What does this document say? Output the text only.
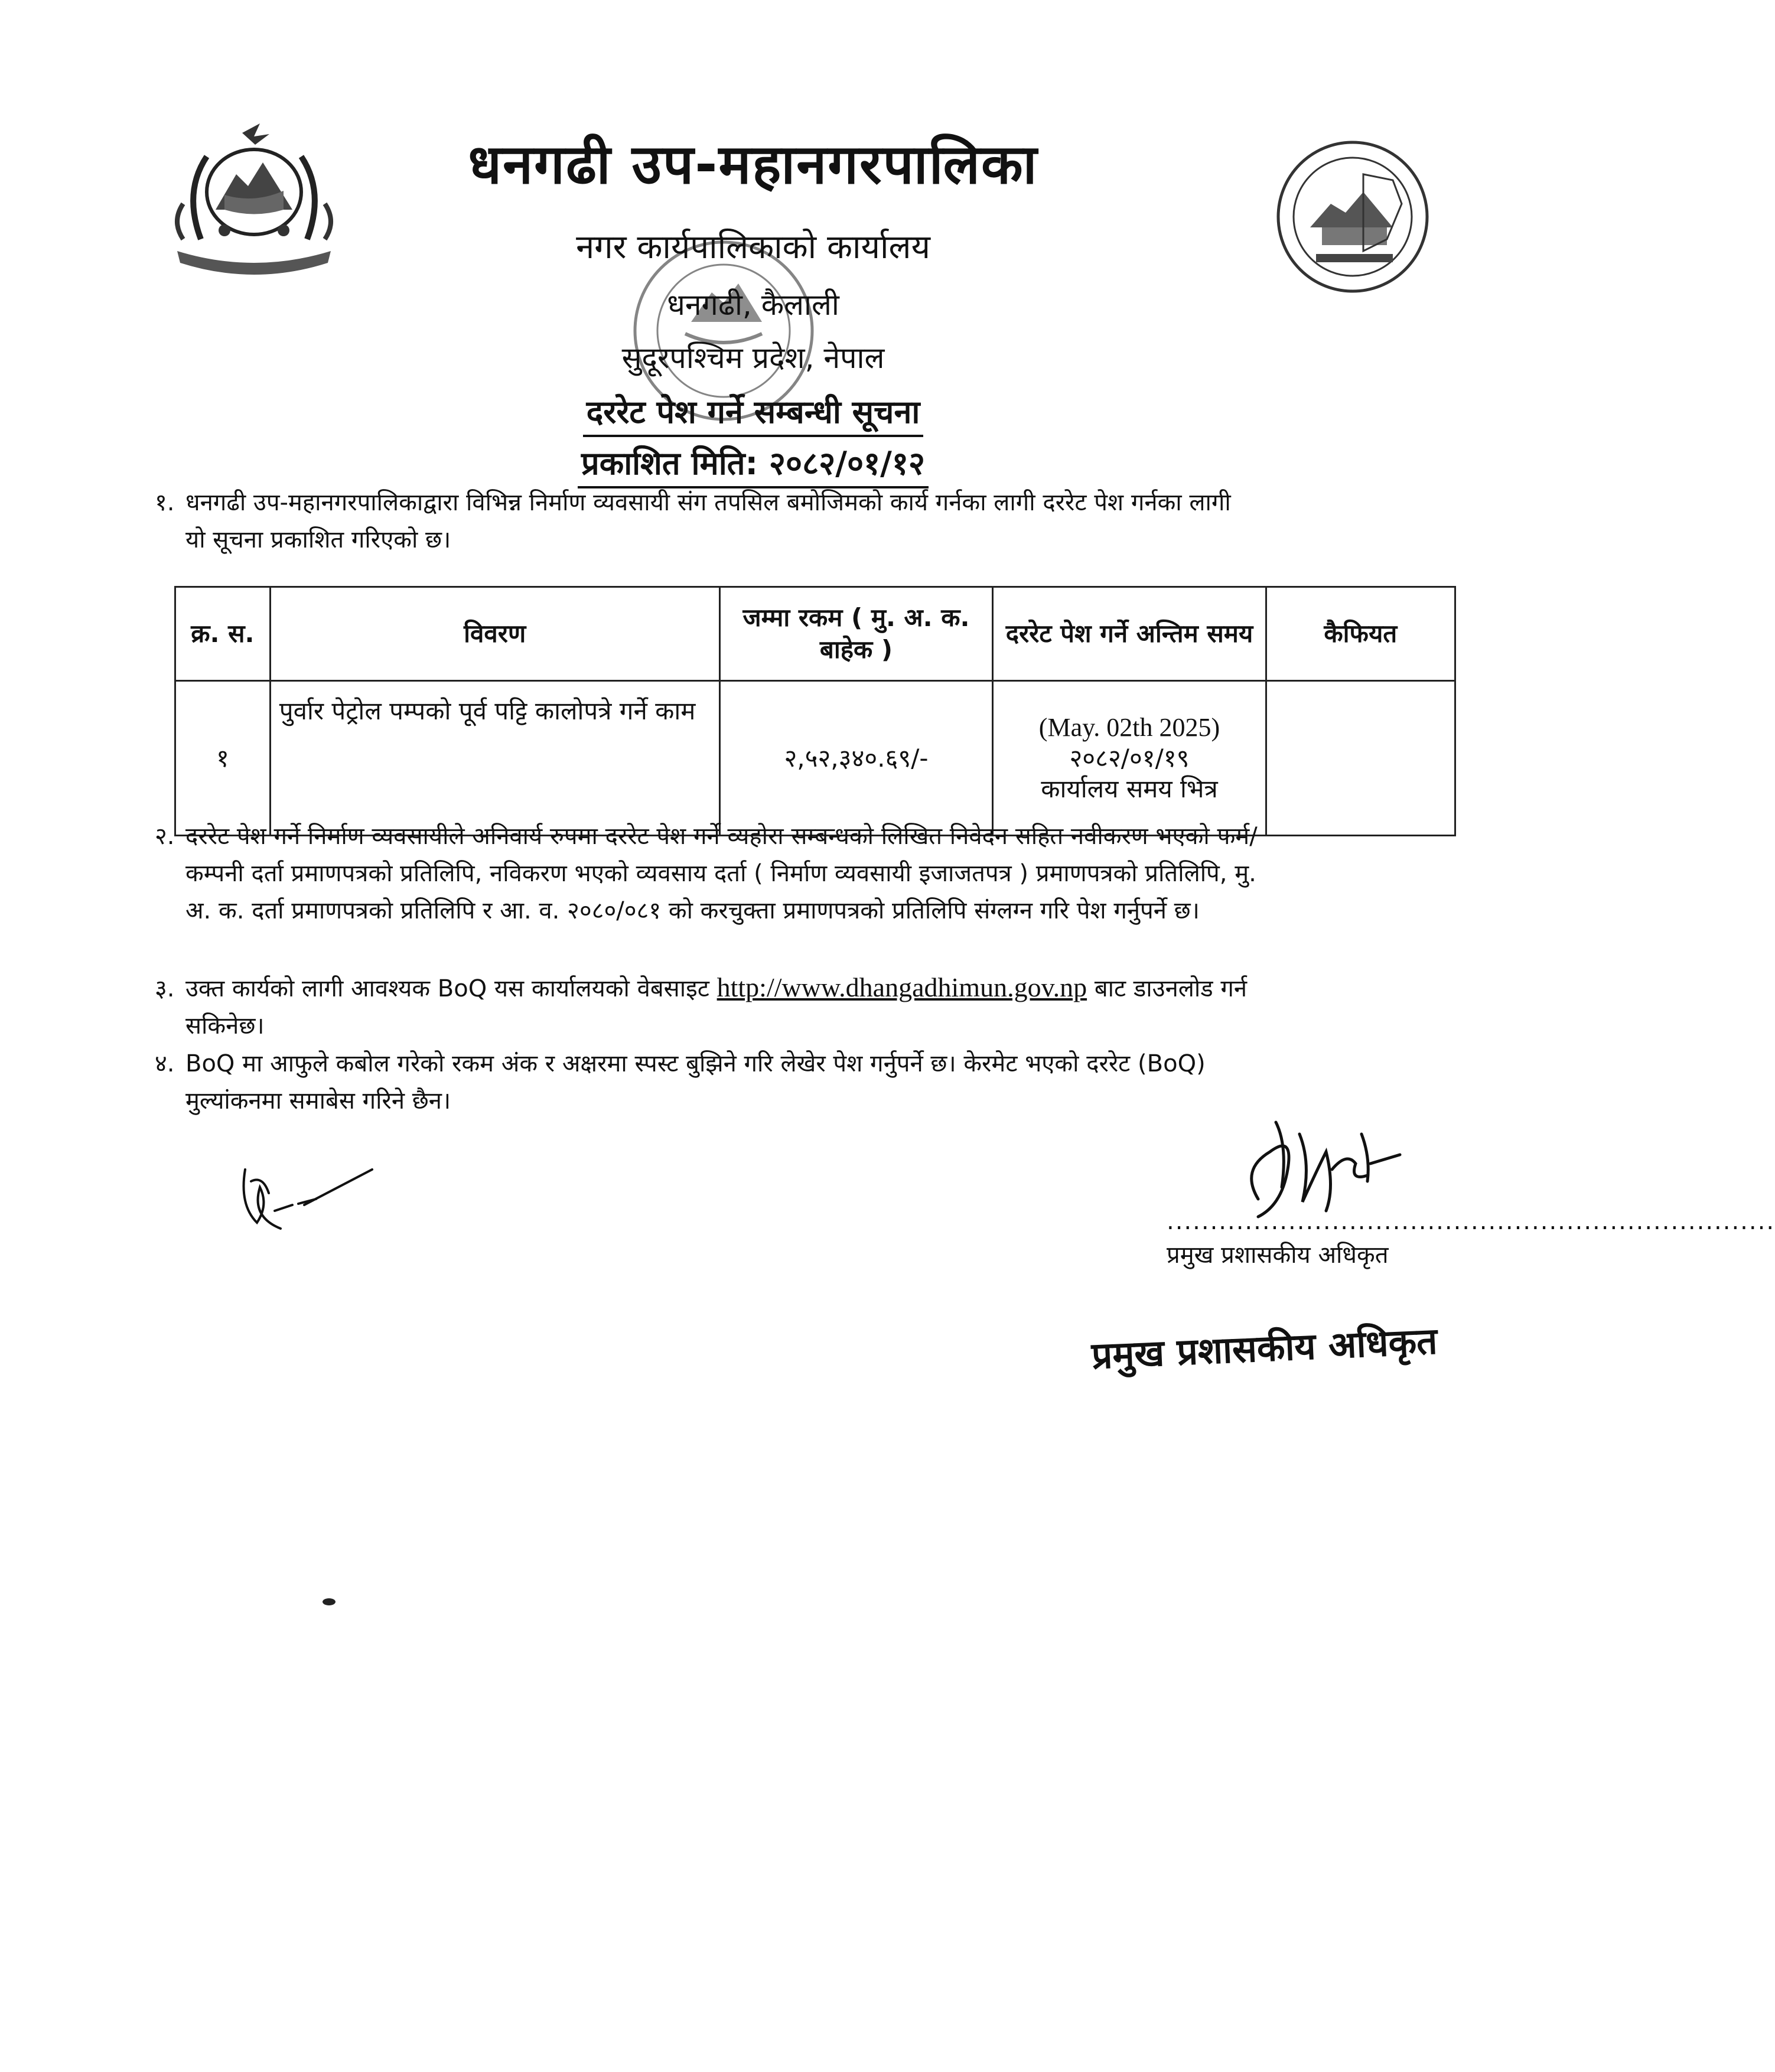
धनगढी उप-महानगरपालिका
नगर कार्यपालिकाको कार्यालय
धनगढी, कैलाली
सुदूरपश्चिम प्रदेश, नेपाल
दररेट पेश गर्ने सम्बन्धी सूचना
प्रकाशित मिति: २०८२/०१/१२
१. धनगढी उप-महानगरपालिकाद्वारा विभिन्न निर्माण व्यवसायी संग तपसिल बमोजिमको कार्य गर्नका लागी दररेट पेश गर्नका लागी
यो सूचना प्रकाशित गरिएको छ।
क्र. स.	विवरण	जम्मा रकम ( मु. अ. क. बाहेक )	दररेट पेश गर्ने अन्तिम समय	कैफियत
१	पुर्वार पेट्रोल पम्पको पूर्व पट्टि कालोपत्रे गर्ने काम	२,५२,३४०.६९/-	(May. 02th 2025)
२०८२/०१/१९
कार्यालय समय भित्र	

२. दररेट पेश गर्ने निर्माण व्यवसायीले अनिवार्य रुपमा दररेट पेश गर्ने व्यहोरा सम्बन्धको लिखित निवेदन सहित नवीकरण भएको फर्म/
कम्पनी दर्ता प्रमाणपत्रको प्रतिलिपि, नविकरण भएको व्यवसाय दर्ता ( निर्माण व्यवसायी इजाजतपत्र ) प्रमाणपत्रको प्रतिलिपि, मु.
अ. क. दर्ता प्रमाणपत्रको प्रतिलिपि र आ. व. २०८०/०८१ को करचुक्ता प्रमाणपत्रको प्रतिलिपि संग्लग्न गरि पेश गर्नुपर्ने छ।
३. उक्त कार्यको लागी आवश्यक BoQ यस कार्यालयको वेबसाइट http://www.dhangadhimun.gov.np बाट डाउनलोड गर्न
सकिनेछ।
४. BoQ मा आफुले कबोल गरेको रकम अंक र अक्षरमा स्पस्ट बुझिने गरि लेखेर पेश गर्नुपर्ने छ। केरमेट भएको दररेट (BoQ)
मुल्यांकनमा समाबेस गरिने छैन।
......................................................................
प्रमुख प्रशासकीय अधिकृत
प्रमुख प्रशासकीय अधिकृत
